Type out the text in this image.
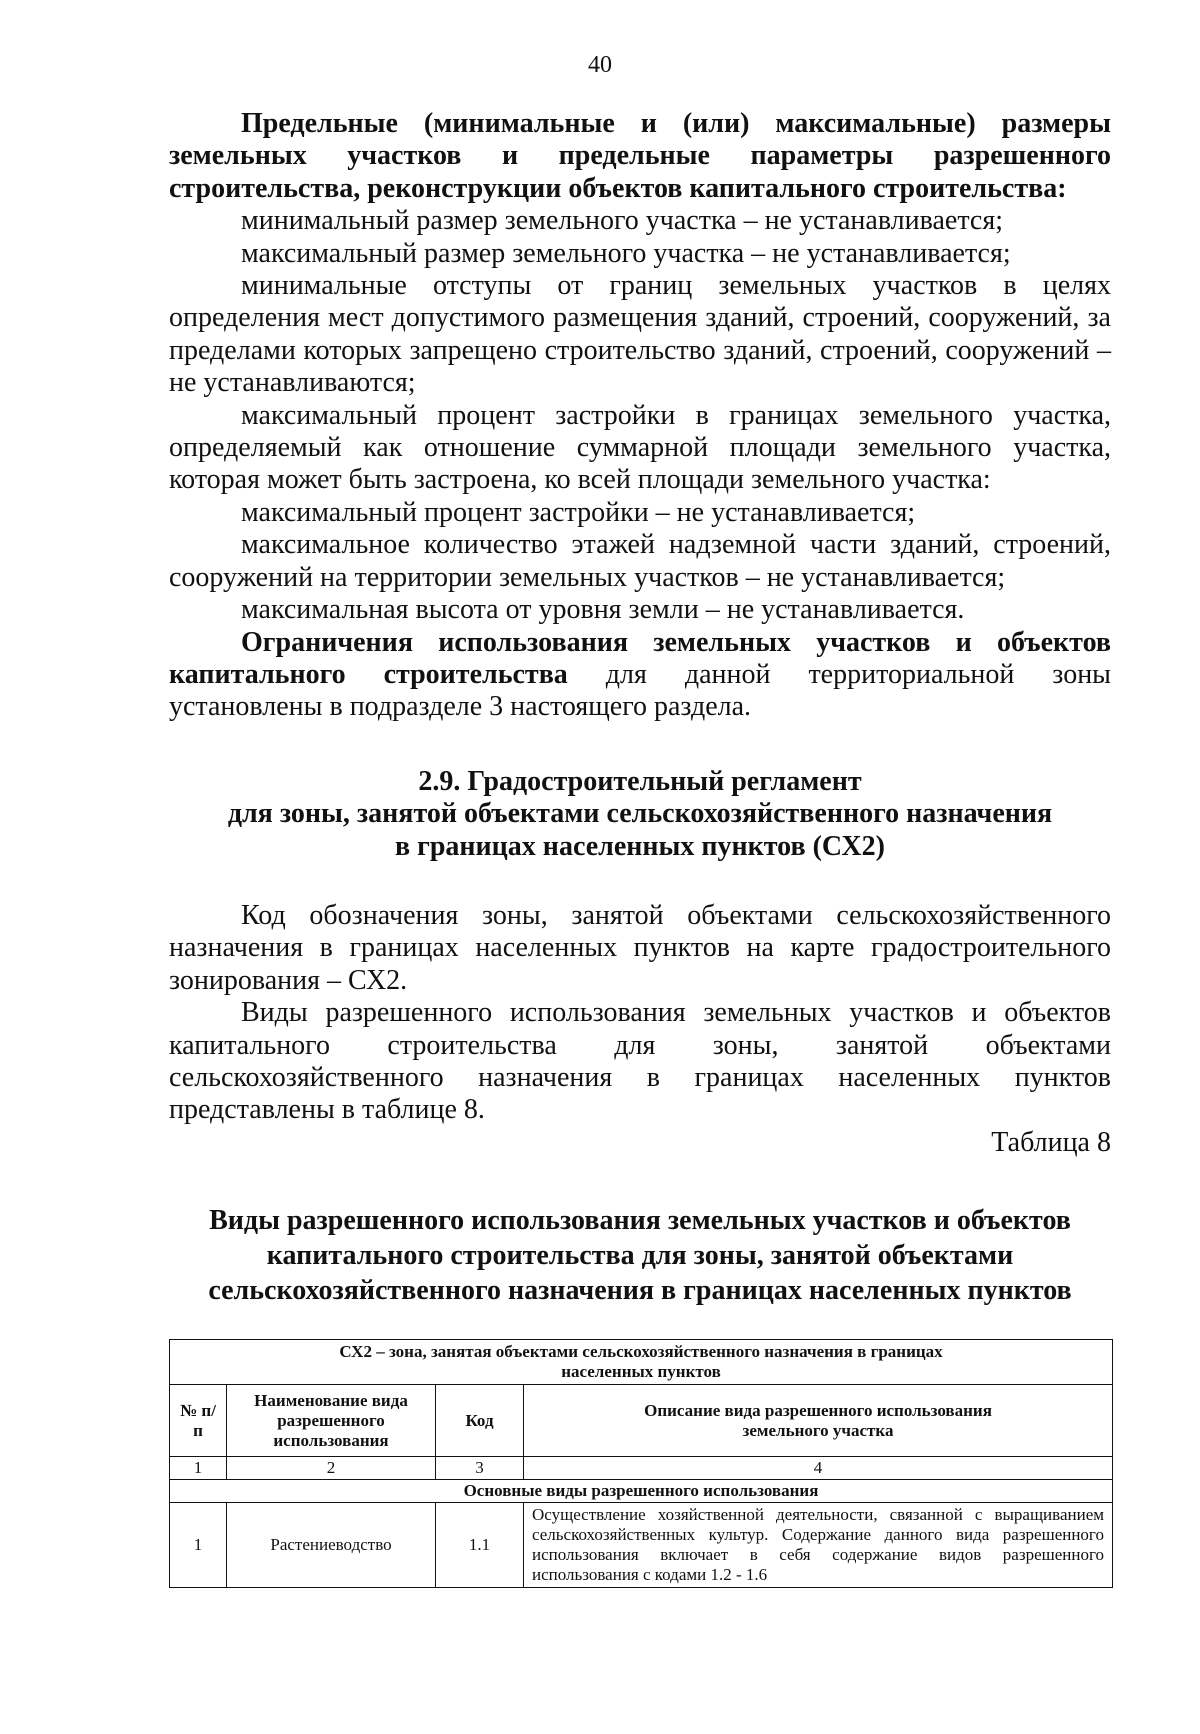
40

Предельные (минимальные и (или) максимальные) размеры земельных участков и предельные параметры разрешенного строительства, реконструкции объектов капитального строительства:

минимальный размер земельного участка – не устанавливается;

максимальный размер земельного участка – не устанавливается;

минимальные отступы от границ земельных участков в целях определения мест допустимого размещения зданий, строений, сооружений, за пределами которых запрещено строительство зданий, строений, сооружений – не устанавливаются;

максимальный процент застройки в границах земельного участка, определяемый как отношение суммарной площади земельного участка, которая может быть застроена, ко всей площади земельного участка:

максимальный процент застройки – не устанавливается;

максимальное количество этажей надземной части зданий, строений, сооружений на территории земельных участков – не устанавливается;

максимальная высота от уровня земли – не устанавливается.

Ограничения использования земельных участков и объектов капитального строительства для данной территориальной зоны установлены в подразделе 3 настоящего раздела.

2.9. Градостроительный регламент

для зоны, занятой объектами сельскохозяйственного назначения

в границах населенных пунктов (СХ2)

Код обозначения зоны, занятой объектами сельскохозяйственного назначения в границах населенных пунктов на карте градостроительного зонирования – СХ2.

Виды разрешенного использования земельных участков и объектов капитального строительства для зоны, занятой объектами сельскохозяйственного назначения в границах населенных пунктов представлены в таблице 8.

Таблица 8

Виды разрешенного использования земельных участков и объектов

капитального строительства для зоны, занятой объектами

сельскохозяйственного назначения в границах населенных пунктов

СХ2 – зона, занятая объектами сельскохозяйственного назначения в границах населенных пунктов			
№ п/п	Наименование вида разрешенного использования	Код	Описание вида разрешенного использования земельного участка
1	2	3	4
Основные виды разрешенного использования			
1	Растениеводство	1.1	Осуществление хозяйственной деятельности, связанной с выращиванием сельскохозяйственных культур. Содержание данного вида разрешенного использования включает в себя содержание видов разрешенного использования с кодами 1.2 - 1.6
